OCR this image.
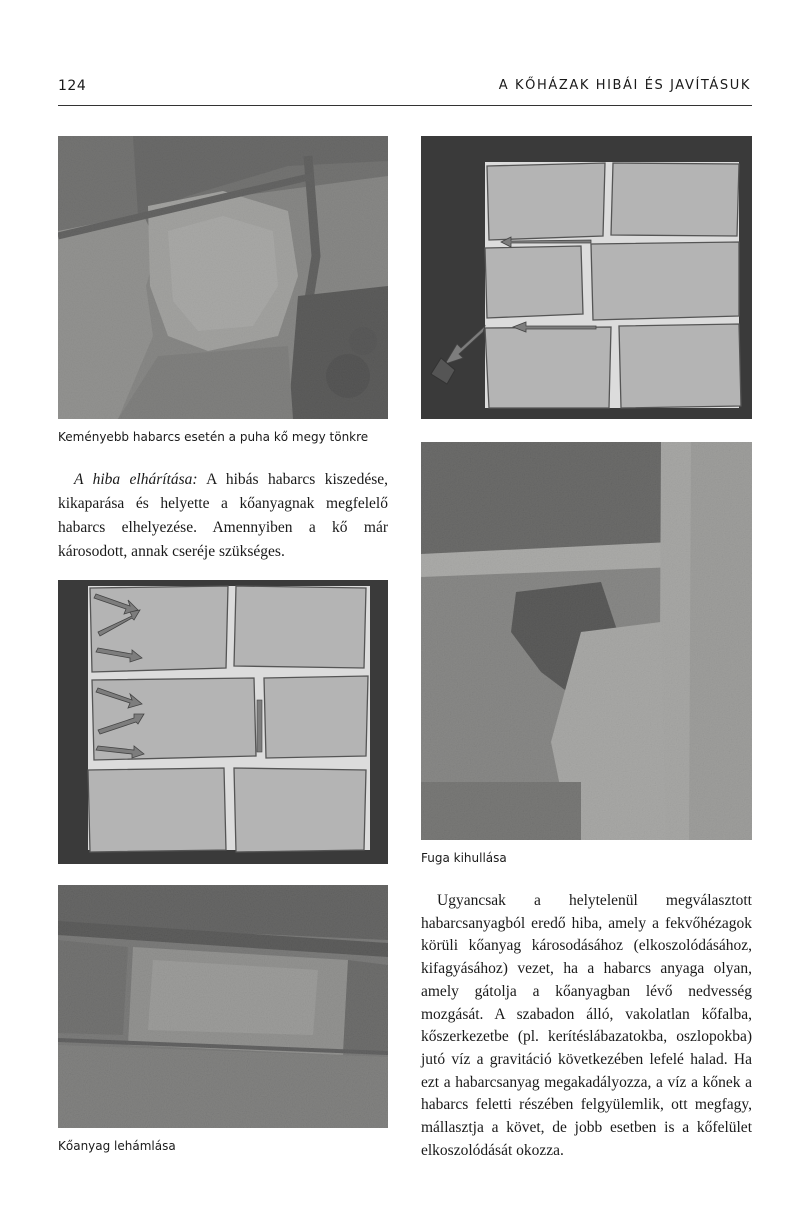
124	A KŐHÁZAK HIBÁI ÉS JAVÍTÁSUK
Keményebb habarcs esetén a puha kő megy tönkre

A hiba elhárítása: A hibás habarcs kiszedése, kikaparása és helyette a kőanyagnak megfelelő habarcs elhelyezése. Amennyiben a kő már károsodott, annak cseréje szükséges.

Fuga kihullása
Kőanyag lehámlása

Ugyancsak a helytelenül megválasztott habarcsanyagból eredő hiba, amely a fekvőhézagok körüli kőanyag károsodásához (elkoszolódásához, kifagyásához) vezet, ha a habarcs anyaga olyan, amely gátolja a kőanyagban lévő nedvesség mozgását. A szabadon álló, vakolatlan kőfalba, kőszerkezetbe (pl. kerítéslábazatokba, oszlopokba) jutó víz a gravitáció következében lefelé halad. Ha ezt a habarcsanyag megakadályozza, a víz a kőnek a habarcs feletti részében felgyülemlik, ott megfagy, mállasztja a követ, de jobb esetben is a kőfelület elkoszolódását okozza.
